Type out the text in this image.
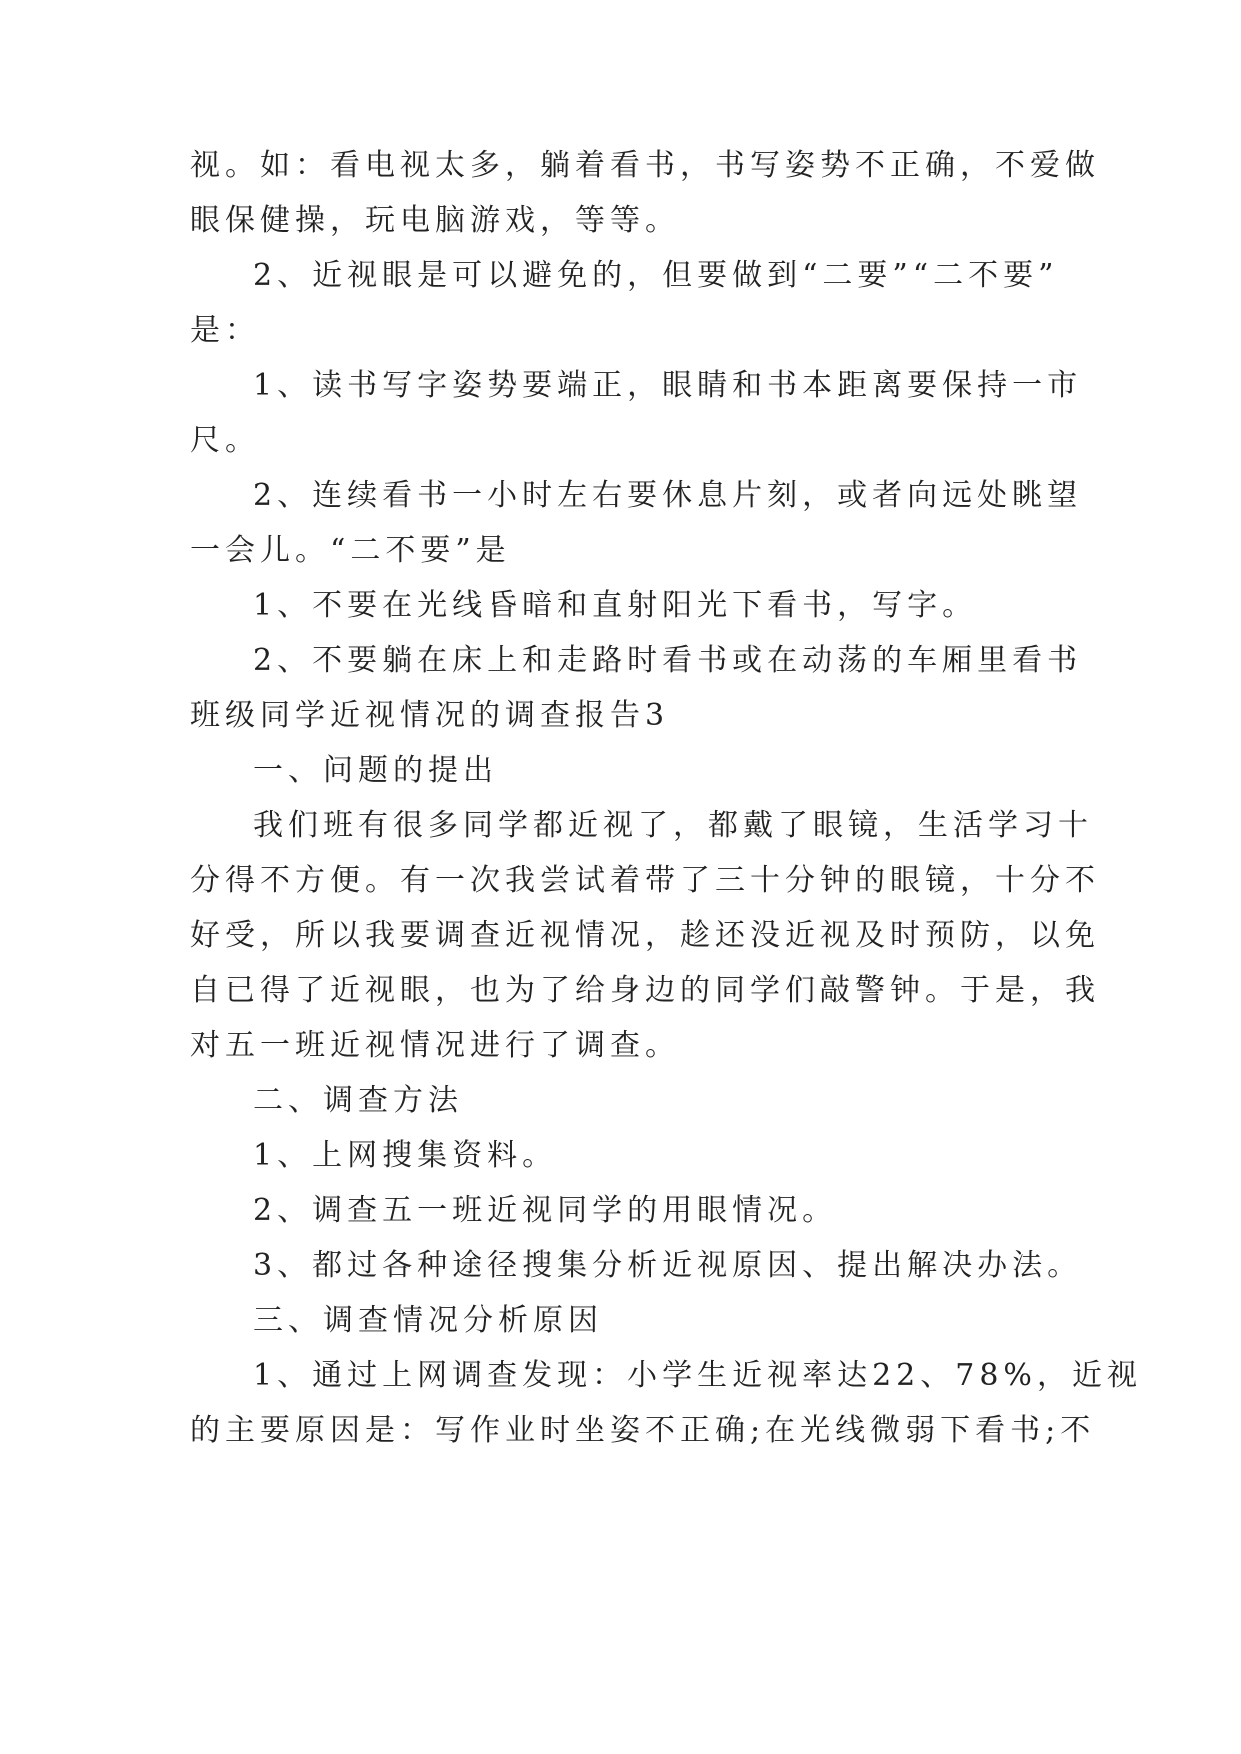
视。如：看电视太多，躺着看书，书写姿势不正确，不爱做
眼保健操，玩电脑游戏，等等。
2、近视眼是可以避免的，但要做到“二要”“二不要”
是：
1、读书写字姿势要端正，眼睛和书本距离要保持一市
尺。
2、连续看书一小时左右要休息片刻，或者向远处眺望
一会儿。“二不要”是
1、不要在光线昏暗和直射阳光下看书，写字。
2、不要躺在床上和走路时看书或在动荡的车厢里看书
班级同学近视情况的调查报告3
一、问题的提出
我们班有很多同学都近视了，都戴了眼镜，生活学习十
分得不方便。有一次我尝试着带了三十分钟的眼镜，十分不
好受，所以我要调查近视情况，趁还没近视及时预防，以免
自已得了近视眼，也为了给身边的同学们敲警钟。于是，我
对五一班近视情况进行了调查。
二、调查方法
1、上网搜集资料。
2、调查五一班近视同学的用眼情况。
3、都过各种途径搜集分析近视原因、提出解决办法。
三、调查情况分析原因
1、通过上网调查发现：小学生近视率达22、78%，近视
的主要原因是：写作业时坐姿不正确;在光线微弱下看书;不
